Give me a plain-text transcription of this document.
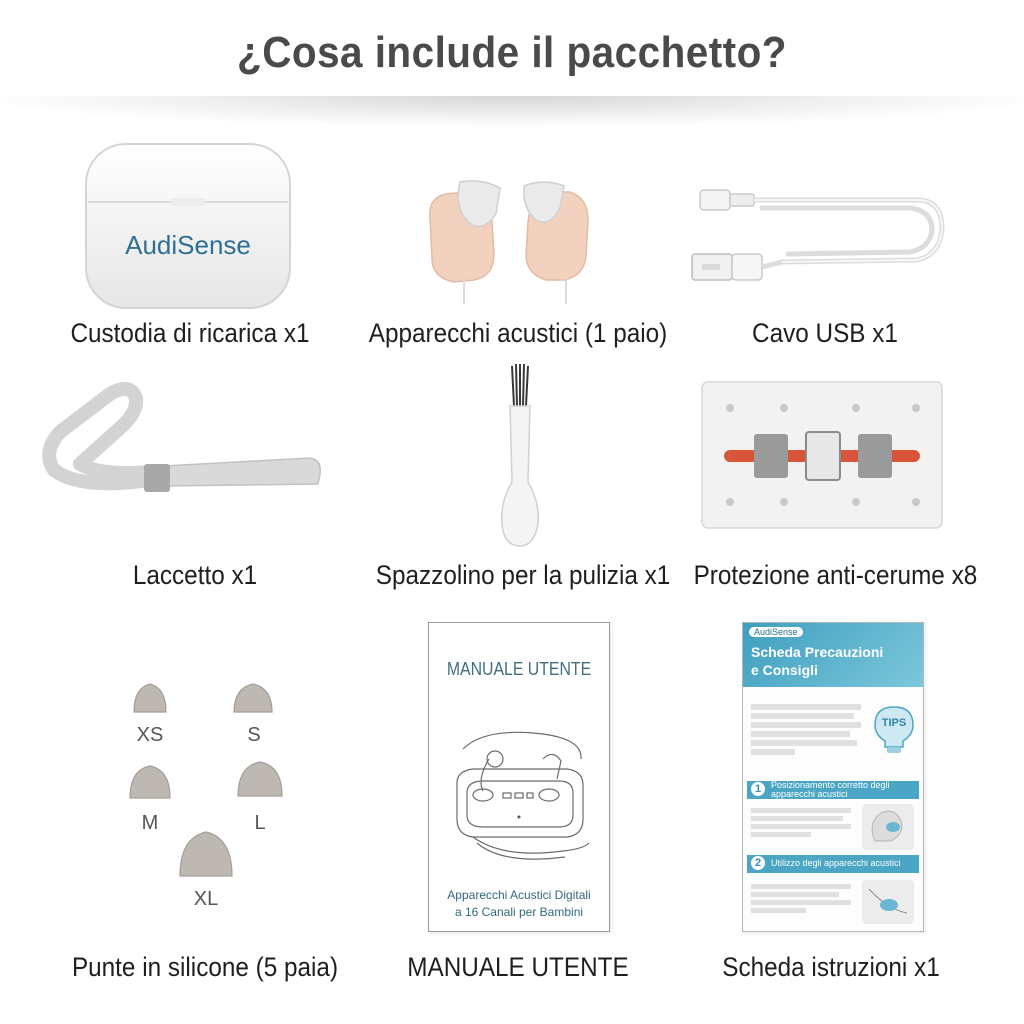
¿Cosa include il pacchetto?
AudiSense
Custodia di ricarica x1	Apparecchi acustici (1 paio)	Cavo USB x1
Laccetto x1	Spazzolino per la pulizia x1 Protezione anti-cerume x8
XS	S
M	L
XL
Punte in silicone (5 paia)
MANUALE UTENTE
Apparecchi Acustici Digitali
a 16 Canali per Bambini
MANUALE UTENTE
AudiSense
Scheda Precauzioni
e Consigli
TIPS
1	Posizionamento corretto degli apparecchi acustici
2	Utilizzo degli apparecchi acustici
Scheda istruzioni x1
